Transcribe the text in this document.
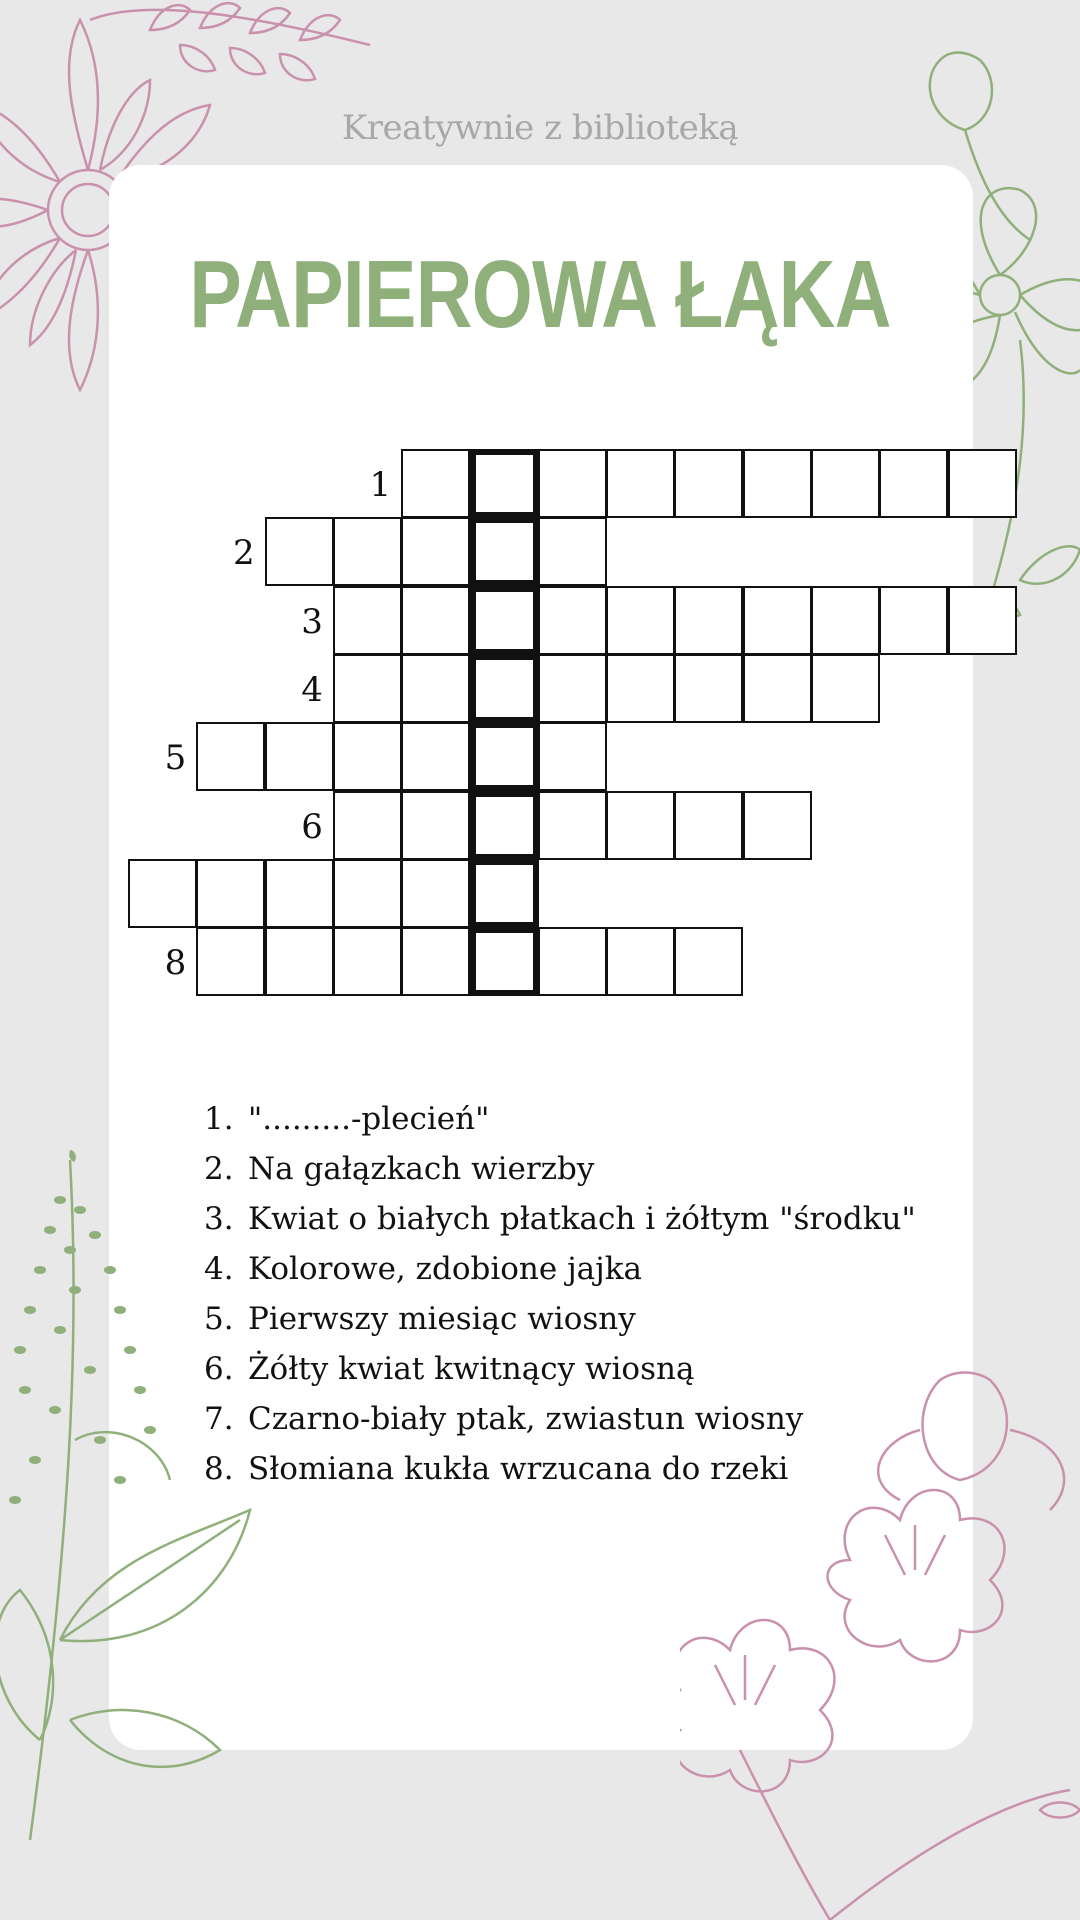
Kreatywnie z biblioteką
PAPIEROWA ŁĄKA
1
2
3
4
5
6
8
1. ".........-plecień"
2. Na gałązkach wierzby
3. Kwiat o białych płatkach i żółtym "środku"
4. Kolorowe, zdobione jajka
5. Pierwszy miesiąc wiosny
6. Żółty kwiat kwitnący wiosną
7. Czarno-biały ptak, zwiastun wiosny
8. Słomiana kukła wrzucana do rzeki
